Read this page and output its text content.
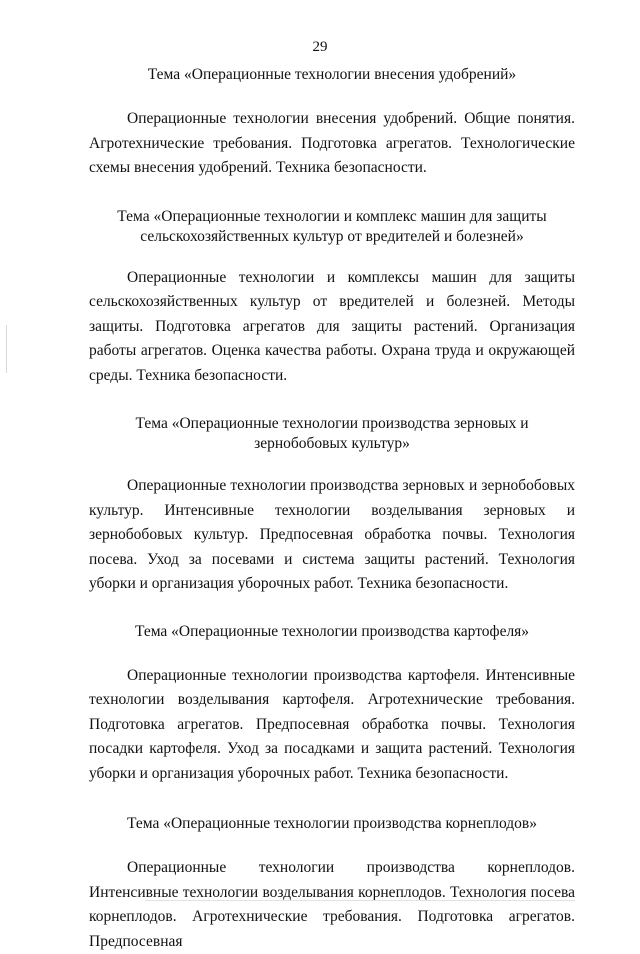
29

Тема «Операционные технологии внесения удобрений»

Операционные технологии внесения удобрений. Общие понятия. Агротехнические требования. Подготовка агрегатов. Технологические схемы внесения удобрений. Техника безопасности.

Тема «Операционные технологии и комплекс машин для защиты сельскохозяйственных культур от вредителей и болезней»

Операционные технологии и комплексы машин для защиты сельскохозяйственных культур от вредителей и болезней. Методы защиты. Подготовка агрегатов для защиты растений. Организация работы агрегатов. Оценка качества работы. Охрана труда и окружающей среды. Техника безопасности.

Тема «Операционные технологии производства зерновых и зернобобовых культур»

Операционные технологии производства зерновых и зернобобовых культур. Интенсивные технологии возделывания зерновых и зернобобовых культур. Предпосевная обработка почвы. Технология посева. Уход за посевами и система защиты растений. Технология уборки и организация уборочных работ. Техника безопасности.

Тема «Операционные технологии производства картофеля»

Операционные технологии производства картофеля. Интенсивные технологии возделывания картофеля. Агротехнические требования. Подготовка агрегатов. Предпосевная обработка почвы. Технология посадки картофеля. Уход за посадками и защита растений. Технология уборки и организация уборочных работ. Техника безопасности.

Тема «Операционные технологии производства корнеплодов»

Операционные технологии производства корнеплодов. Интенсивные технологии возделывания корнеплодов. Технология посева корнеплодов. Агротехнические требования. Подготовка агрегатов. Предпосевная
